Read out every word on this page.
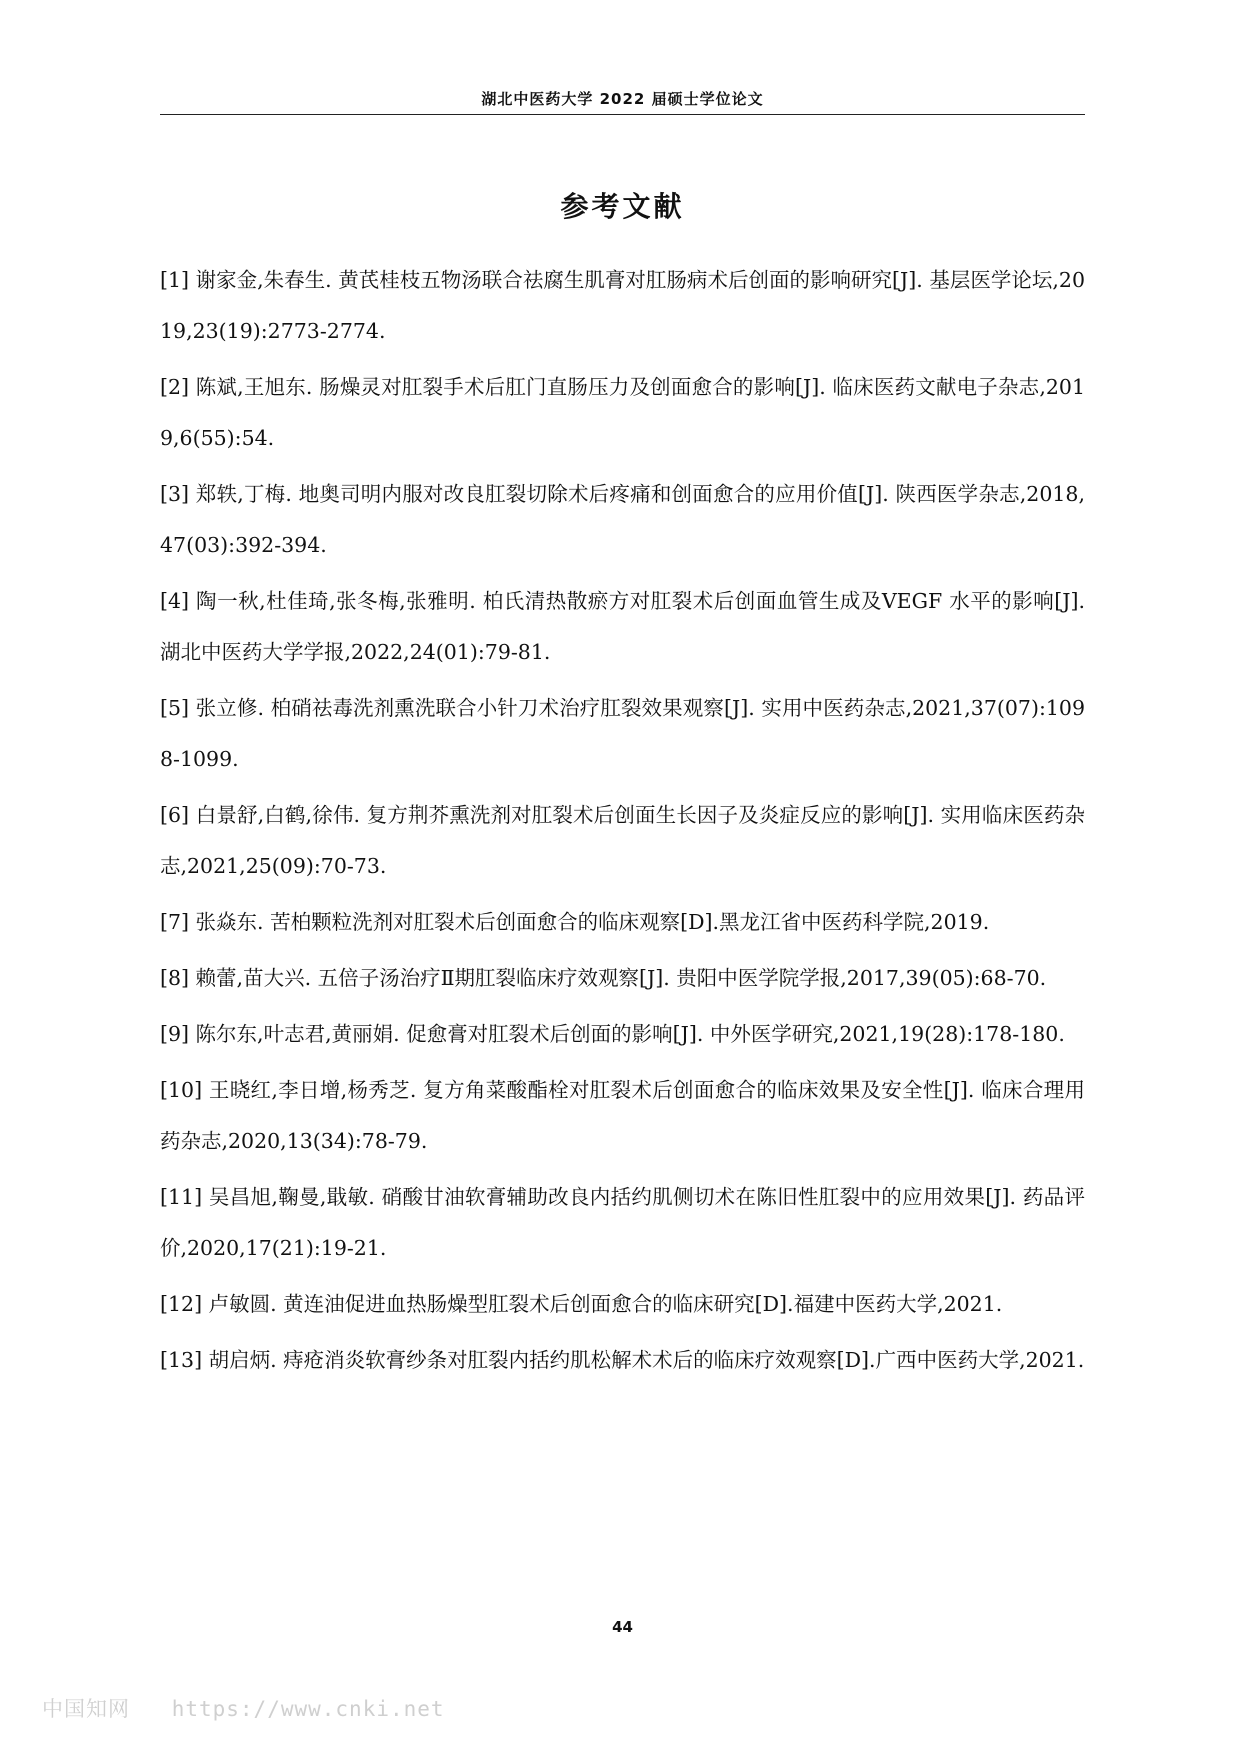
湖北中医药大学 2022 届硕士学位论文
参考文献
[1] 谢家金,朱春生. 黄芪桂枝五物汤联合祛腐生肌膏对肛肠病术后创面的影响研究[J]. 基层医学论坛,2019,23(19):2773-2774.
[2] 陈斌,王旭东. 肠燥灵对肛裂手术后肛门直肠压力及创面愈合的影响[J]. 临床医药文献电子杂志,2019,6(55):54.
[3] 郑轶,丁梅. 地奥司明内服对改良肛裂切除术后疼痛和创面愈合的应用价值[J]. 陕西医学杂志,2018,47(03):392-394.
[4] 陶一秋,杜佳琦,张冬梅,张雅明. 柏氏清热散瘀方对肛裂术后创面血管生成及VEGF 水平的影响[J]. 湖北中医药大学学报,2022,24(01):79-81.
[5] 张立修. 柏硝祛毒洗剂熏洗联合小针刀术治疗肛裂效果观察[J]. 实用中医药杂志,2021,37(07):1098-1099.
[6] 白景舒,白鹤,徐伟. 复方荆芥熏洗剂对肛裂术后创面生长因子及炎症反应的影响[J]. 实用临床医药杂志,2021,25(09):70-73.
[7] 张焱东. 苦柏颗粒洗剂对肛裂术后创面愈合的临床观察[D].黑龙江省中医药科学院,2019.
[8] 赖蕾,苗大兴. 五倍子汤治疗Ⅱ期肛裂临床疗效观察[J]. 贵阳中医学院学报,2017,39(05):68-70.
[9] 陈尔东,叶志君,黄丽娟. 促愈膏对肛裂术后创面的影响[J]. 中外医学研究,2021,19(28):178-180.
[10] 王晓红,李日增,杨秀芝. 复方角菜酸酯栓对肛裂术后创面愈合的临床效果及安全性[J]. 临床合理用药杂志,2020,13(34):78-79.
[11] 吴昌旭,鞠曼,戢敏. 硝酸甘油软膏辅助改良内括约肌侧切术在陈旧性肛裂中的应用效果[J]. 药品评价,2020,17(21):19-21.
[12] 卢敏圆. 黄连油促进血热肠燥型肛裂术后创面愈合的临床研究[D].福建中医药大学,2021.
[13] 胡启炳. 痔疮消炎软膏纱条对肛裂内括约肌松解术术后的临床疗效观察[D].广西中医药大学,2021.
44
中国知网 https://www.cnki.net
